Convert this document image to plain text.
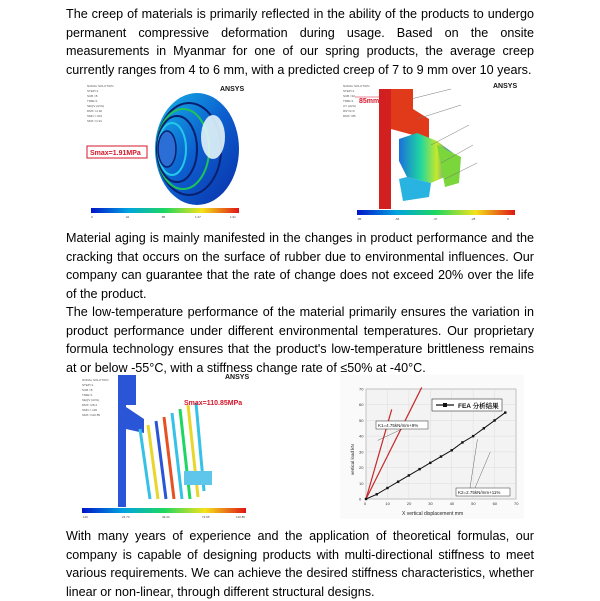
The creep of materials is primarily reflected in the ability of the products to undergo permanent compressive deformation during usage. Based on the onsite measurements in Myanmar for one of our spring products, the average creep currently ranges from 4 to 6 mm, with a predicted creep of 7 to 9 mm over 10 years.

NODAL SOLUTION
STEP=1
SUB =8
TIME=1
SEQV (AVG)
DMX =4.92
SMN =.001
SMX =1.91
ANSYS
Smax=1.91MPa
0	.42	.85	1.27	1.91
NODAL SOLUTION
STEP=1
SUB =10
TIME=1
UY (AVG)
RSYS=0
DMX =85
ANSYS
85mm
-85	-66	-47	-28	0

Material aging is mainly manifested in the changes in product performance and the cracking that occurs on the surface of rubber due to environmental influences. Our company can guarantee that the rate of change does not exceed 20% over the life of the product.

The low-temperature performance of the material primarily ensures the variation in product performance under different environmental temperatures. Our proprietary formula technology ensures that the product's low-temperature brittleness remains at or below -55°C, with a stiffness change rate of ≤50% at -40°C.

NODAL SOLUTION
STEP=1
SUB =8
TIME=1
SEQV (AVG)
DMX =28.4
SMN =.126
SMX =110.85
ANSYS
Smax=110.85MPa
.126	24.73	49.34	73.95	110.85
0	10	20	30	40	50	60	70
0
10
20
30
40
50
60
70
FEA 分析结果
K1=4.75kN/mm+9%
K2=2.75kN/mm+11%
vertical load kN
X vertical displacement mm

With many years of experience and the application of theoretical formulas, our company is capable of designing products with multi-directional stiffness to meet various requirements. We can achieve the desired stiffness characteristics, whether linear or non-linear, through different structural designs.
